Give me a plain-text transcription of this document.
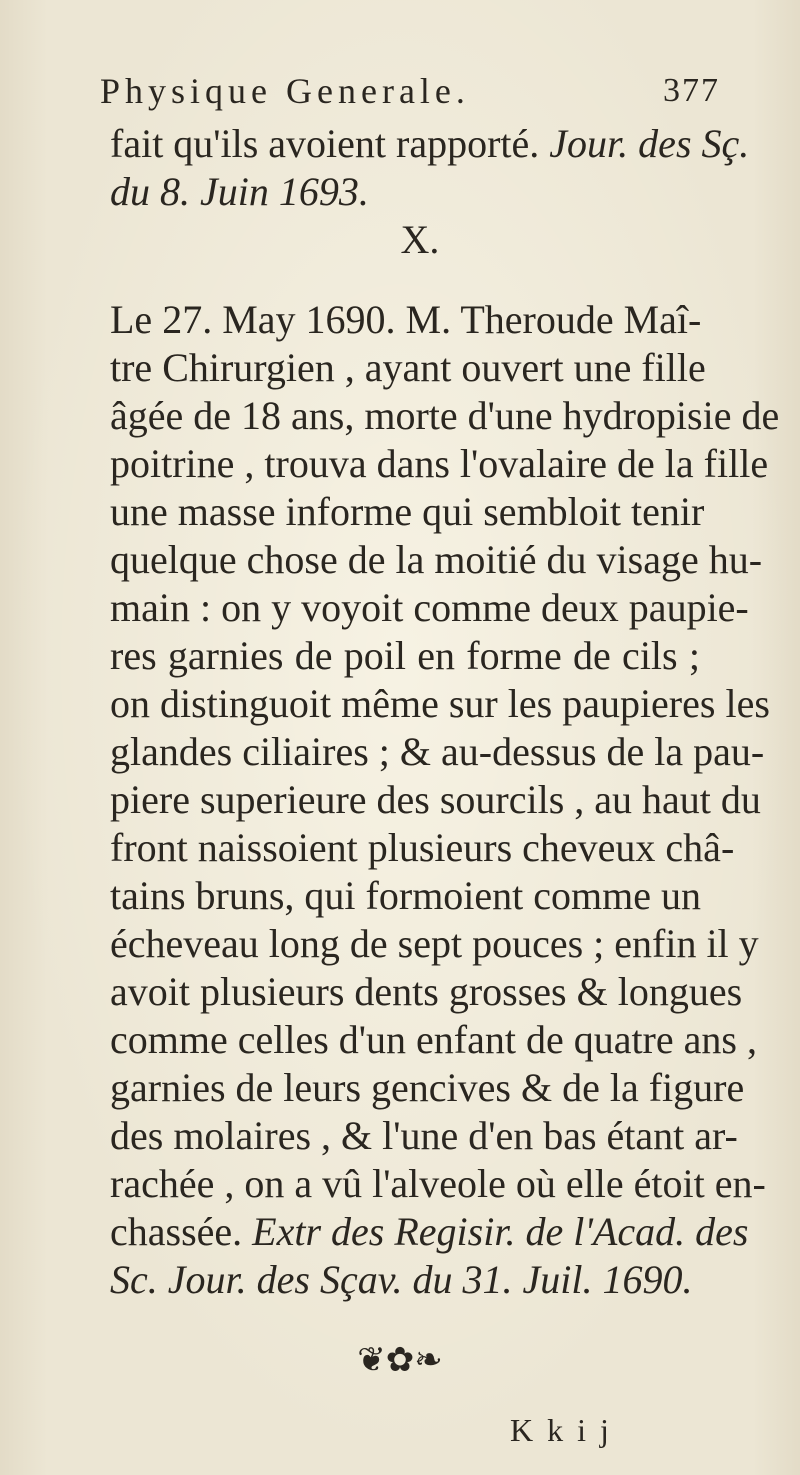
Physique Generale.	377
fait qu'ils avoient rapporté. Jour. des Sç.
du 8. Juin 1693.
X.
Le 27. May 1690. M. Theroude Maî-
tre Chirurgien , ayant ouvert une fille
âgée de 18 ans, morte d'une hydropisie de
poitrine , trouva dans l'ovalaire de la fille
une masse informe qui sembloit tenir
quelque chose de la moitié du visage hu-
main : on y voyoit comme deux paupie-
res garnies de poil en forme de cils ;
on distinguoit même sur les paupieres les
glandes ciliaires ; & au-dessus de la pau-
piere superieure des sourcils , au haut du
front naissoient plusieurs cheveux châ-
tains bruns, qui formoient comme un
écheveau long de sept pouces ; enfin il y
avoit plusieurs dents grosses & longues
comme celles d'un enfant de quatre ans ,
garnies de leurs gencives & de la figure
des molaires , & l'une d'en bas étant ar-
rachée , on a vû l'alveole où elle étoit en-
chassée. Extr des Regisir. de l'Acad. des
Sc. Jour. des Sçav. du 31. Juil. 1690.
❦✿❧
K k i j
